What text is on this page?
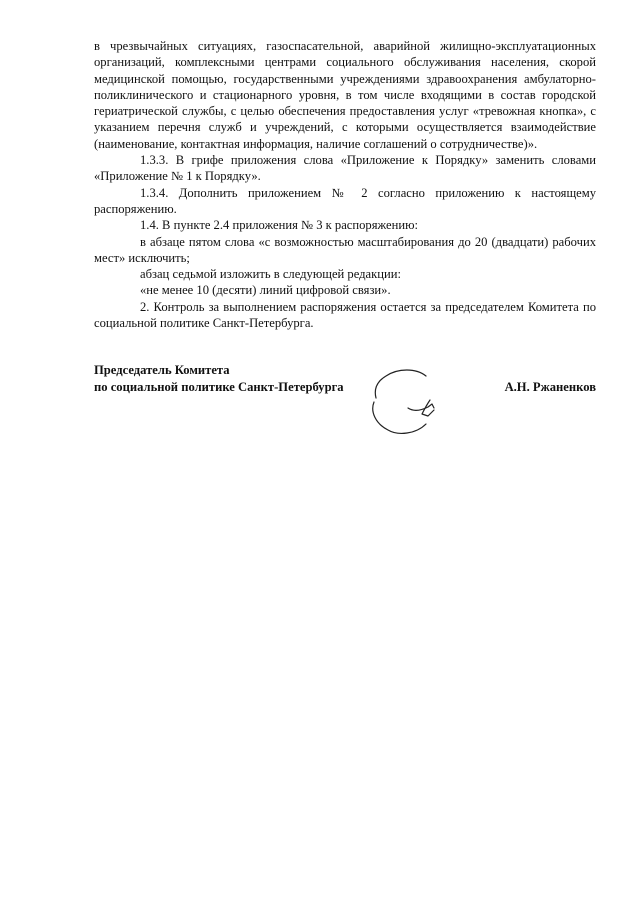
в чрезвычайных ситуациях, газоспасательной, аварийной жилищно-эксплуатационных организаций, комплексными центрами социального обслуживания населения, скорой медицинской помощью, государственными учреждениями здравоохранения амбулаторно-поликлинического и стационарного уровня, в том числе входящими в состав городской гериатрической службы, с целью обеспечения предоставления услуг «тревожная кнопка», с указанием перечня служб и учреждений, с которыми осуществляется взаимодействие (наименование, контактная информация, наличие соглашений о сотрудничестве)».

1.3.3. В грифе приложения слова «Приложение к Порядку» заменить словами «Приложение № 1 к Порядку».

1.3.4. Дополнить приложением № 2 согласно приложению к настоящему распоряжению.

1.4. В пункте 2.4 приложения № 3 к распоряжению:

в абзаце пятом слова «с возможностью масштабирования до 20 (двадцати) рабочих мест» исключить;

абзац седьмой изложить в следующей редакции:

«не менее 10 (десяти) линий цифровой связи».

2. Контроль за выполнением распоряжения остается за председателем Комитета по социальной политике Санкт-Петербурга.

Председатель Комитета
по социальной политике Санкт-Петербурга	А.Н. Ржаненков
